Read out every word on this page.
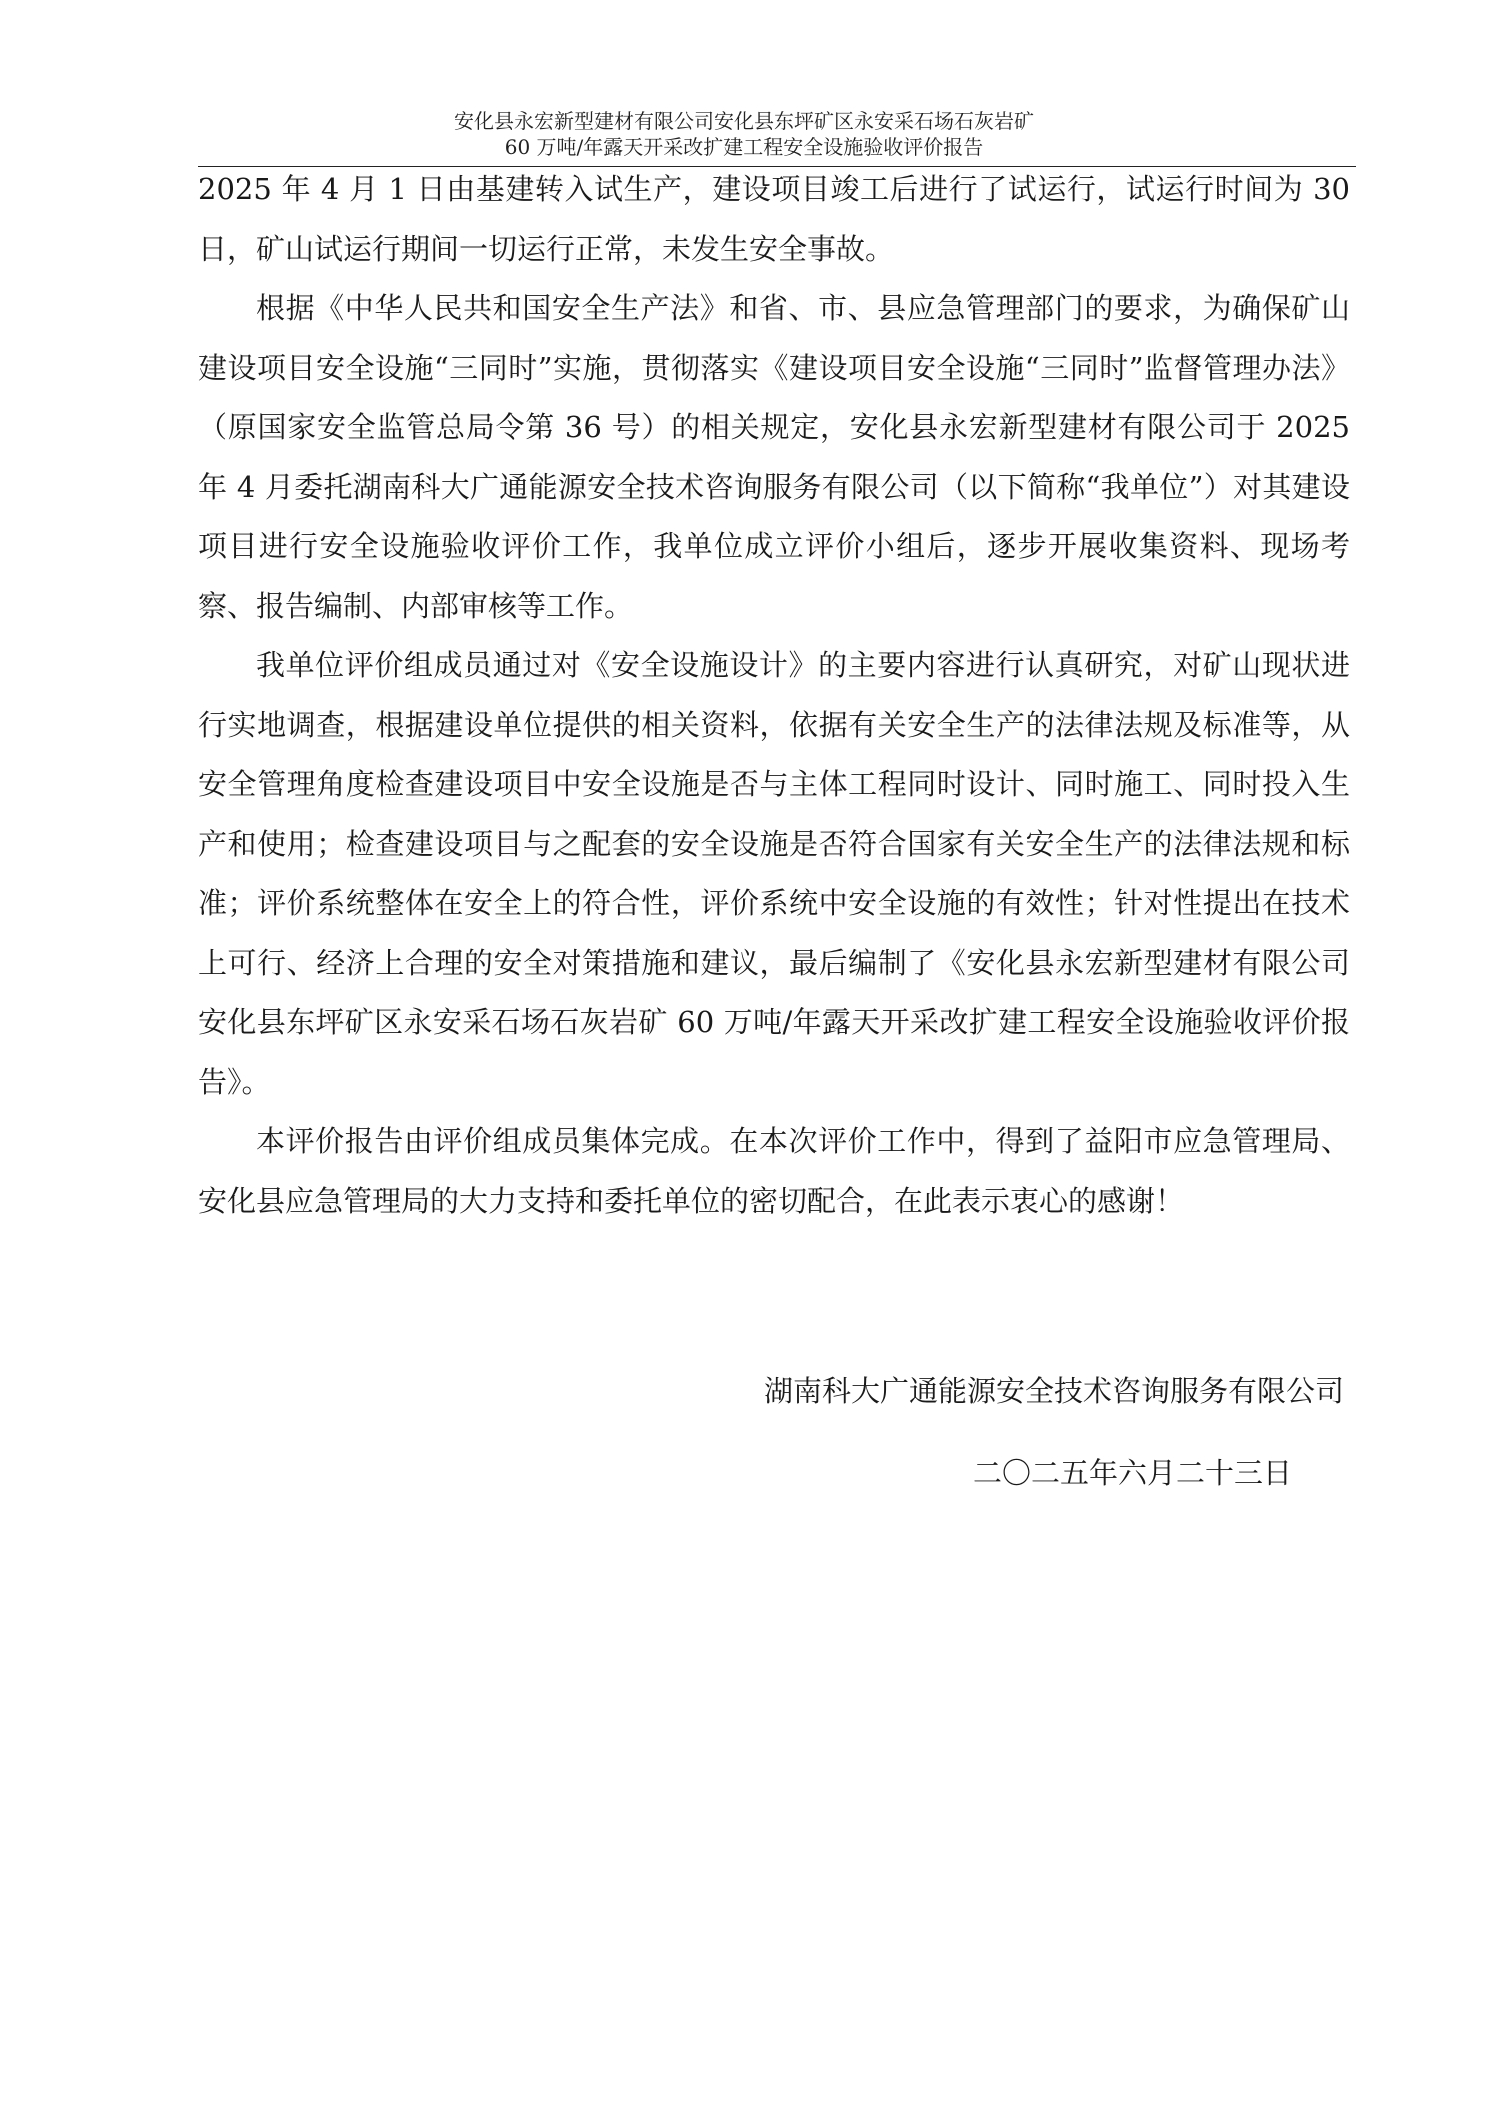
安化县永宏新型建材有限公司安化县东坪矿区永安采石场石灰岩矿
60 万吨/年露天开采改扩建工程安全设施验收评价报告

2025 年 4 月 1 日由基建转入试生产，建设项目竣工后进行了试运行，试运行时间为 30 日，矿山试运行期间一切运行正常，未发生安全事故。

根据《中华人民共和国安全生产法》和省、市、县应急管理部门的要求，为确保矿山建设项目安全设施“三同时”实施，贯彻落实《建设项目安全设施“三同时”监督管理办法》（原国家安全监管总局令第 36 号）的相关规定，安化县永宏新型建材有限公司于 2025 年 4 月委托湖南科大广通能源安全技术咨询服务有限公司（以下简称“我单位”）对其建设项目进行安全设施验收评价工作，我单位成立评价小组后，逐步开展收集资料、现场考察、报告编制、内部审核等工作。

我单位评价组成员通过对《安全设施设计》的主要内容进行认真研究，对矿山现状进行实地调查，根据建设单位提供的相关资料，依据有关安全生产的法律法规及标准等，从安全管理角度检查建设项目中安全设施是否与主体工程同时设计、同时施工、同时投入生产和使用；检查建设项目与之配套的安全设施是否符合国家有关安全生产的法律法规和标准；评价系统整体在安全上的符合性，评价系统中安全设施的有效性；针对性提出在技术上可行、经济上合理的安全对策措施和建议，最后编制了《安化县永宏新型建材有限公司安化县东坪矿区永安采石场石灰岩矿 60 万吨/年露天开采改扩建工程安全设施验收评价报告》。

本评价报告由评价组成员集体完成。在本次评价工作中，得到了益阳市应急管理局、安化县应急管理局的大力支持和委托单位的密切配合，在此表示衷心的感谢！

湖南科大广通能源安全技术咨询服务有限公司
二〇二五年六月二十三日
